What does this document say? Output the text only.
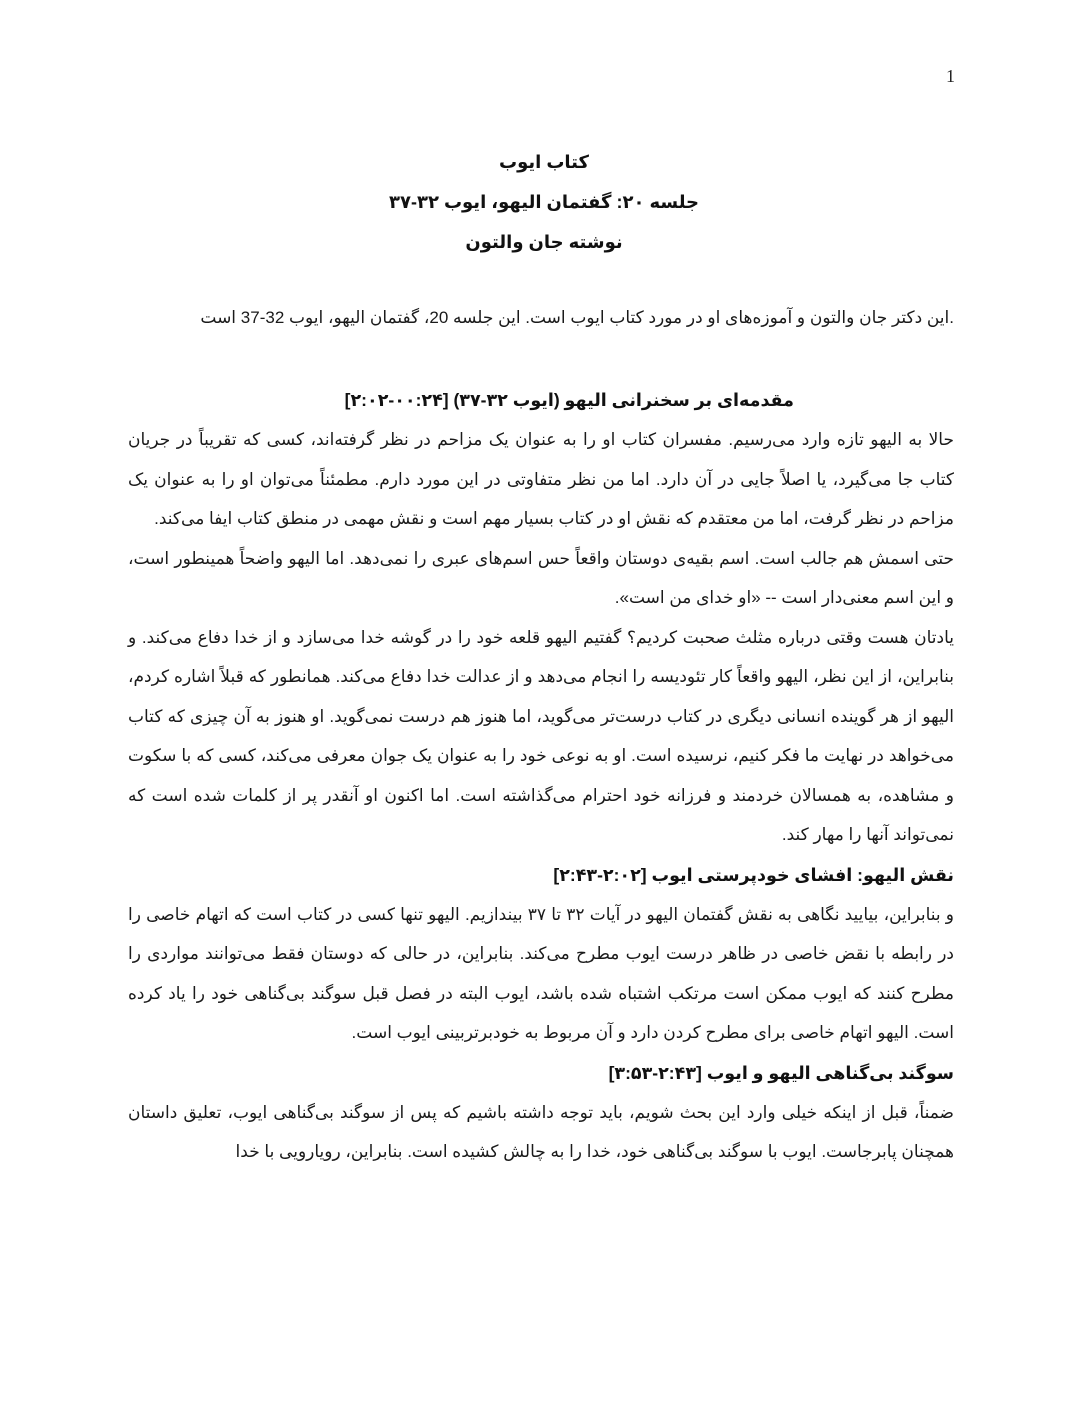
1
کتاب ایوب
جلسه ۲۰: گفتمان الیهو، ایوب ۳۲-۳۷
نوشته جان والتون

.این دکتر جان والتون و آموزه‌های او در مورد کتاب ایوب است. این جلسه 20، گفتمان الیهو، ایوب 32-37 است

مقدمه‌ای بر سخنرانی الیهو (ایوب ۳۲-۳۷) [۰۰:۲۴-۲:۰۲]

حالا به الیهو تازه وارد می‌رسیم. مفسران کتاب او را به عنوان یک مزاحم در نظر گرفته‌اند، کسی که تقریباً در جریان کتاب جا می‌گیرد، یا اصلاً جایی در آن دارد. اما من نظر متفاوتی در این مورد دارم. مطمئناً می‌توان او را به عنوان یک مزاحم در نظر گرفت، اما من معتقدم که نقش او در کتاب بسیار مهم است و نقش مهمی در منطق کتاب ایفا می‌کند.

حتی اسمش هم جالب است. اسم بقیه‌ی دوستان واقعاً حس اسم‌های عبری را نمی‌دهد. اما الیهو واضحاً همینطور است، و این اسم معنی‌دار است -- «او خدای من است».

یادتان هست وقتی درباره مثلث صحبت کردیم؟ گفتیم الیهو قلعه خود را در گوشه خدا می‌سازد و از خدا دفاع می‌کند. و بنابراین، از این نظر، الیهو واقعاً کار تئودیسه را انجام می‌دهد و از عدالت خدا دفاع می‌کند. همانطور که قبلاً اشاره کردم، الیهو از هر گوینده انسانی دیگری در کتاب درست‌تر می‌گوید، اما هنوز هم درست نمی‌گوید. او هنوز به آن چیزی که کتاب می‌خواهد در نهایت ما فکر کنیم، نرسیده است. او به نوعی خود را به عنوان یک جوان معرفی می‌کند، کسی که با سکوت و مشاهده، به همسالان خردمند و فرزانه خود احترام می‌گذاشته است. اما اکنون او آنقدر پر از کلمات شده است که نمی‌تواند آنها را مهار کند.

نقش الیهو: افشای خودپرستی ایوب [۲:۰۲-۲:۴۳]

و بنابراین، بیایید نگاهی به نقش گفتمان الیهو در آیات ۳۲ تا ۳۷ بیندازیم. الیهو تنها کسی در کتاب است که اتهام خاصی را در رابطه با نقض خاصی در ظاهر درست ایوب مطرح می‌کند. بنابراین، در حالی که دوستان فقط می‌توانند مواردی را مطرح کنند که ایوب ممکن است مرتکب اشتباه شده باشد، ایوب البته در فصل قبل سوگند بی‌گناهی خود را یاد کرده است. الیهو اتهام خاصی برای مطرح کردن دارد و آن مربوط به خودبرتربینی ایوب است.

سوگند بی‌گناهی الیهو و ایوب [۲:۴۳-۳:۵۳]

ضمناً، قبل از اینکه خیلی وارد این بحث شویم، باید توجه داشته باشیم که پس از سوگند بی‌گناهی ایوب، تعلیق داستان همچنان پابرجاست. ایوب با سوگند بی‌گناهی خود، خدا را به چالش کشیده است. بنابراین، رویارویی با خدا
